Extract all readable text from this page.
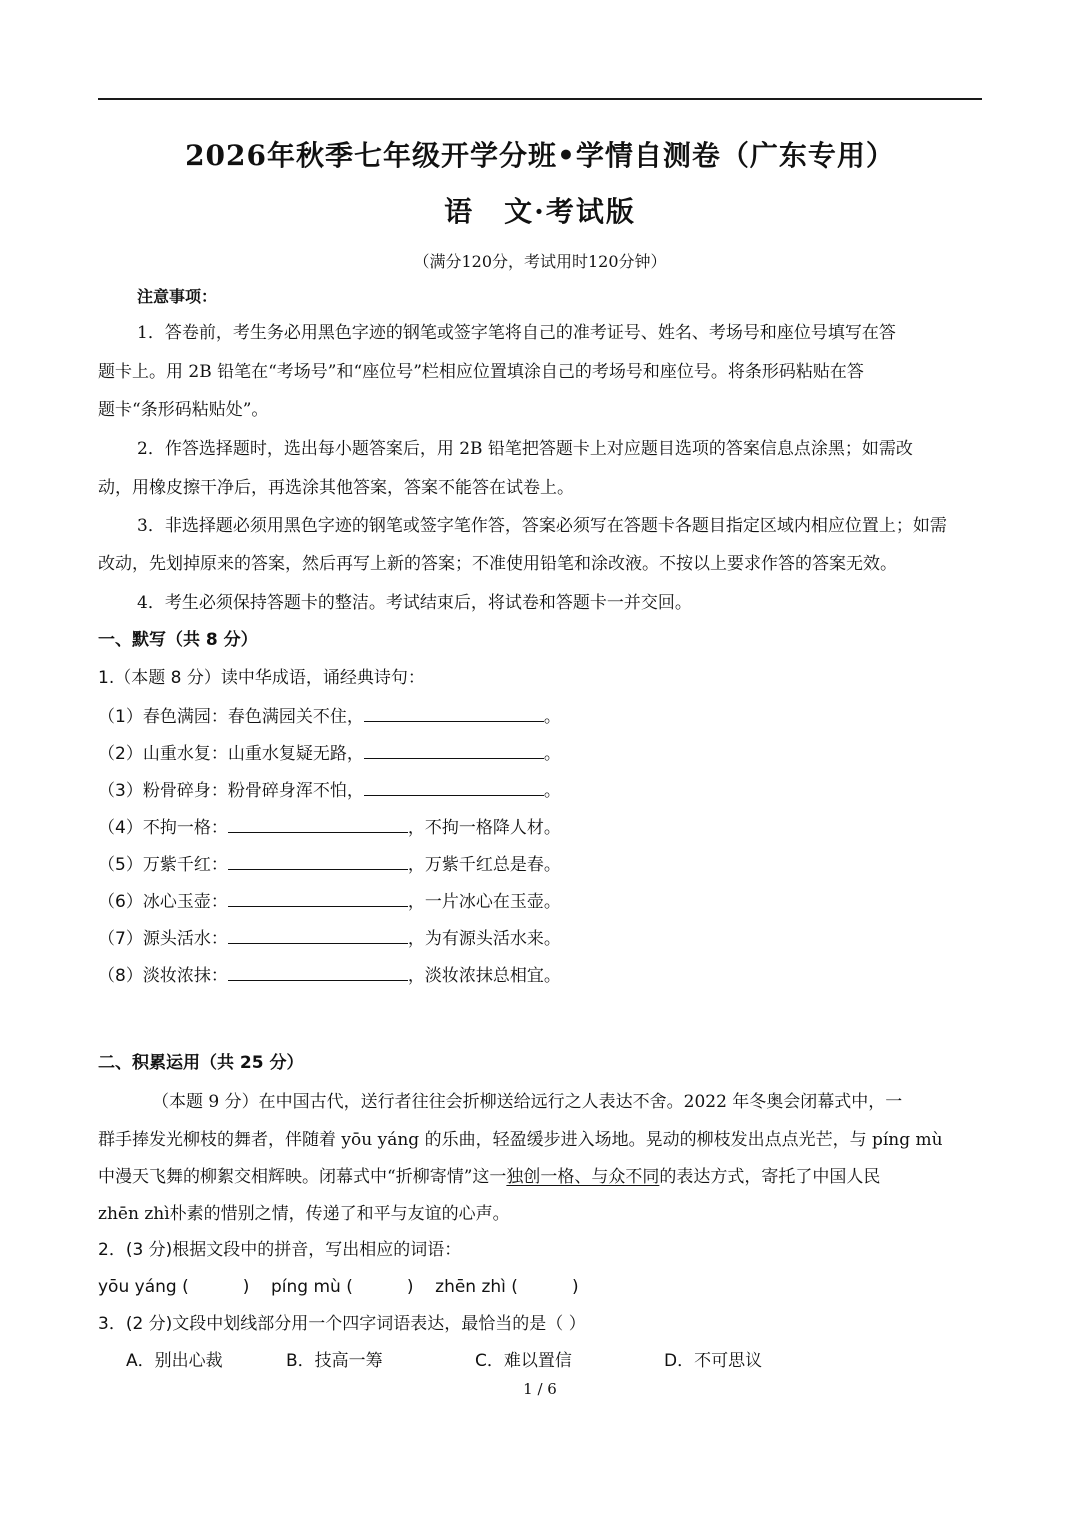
2026年秋季七年级开学分班•学情自测卷（广东专用）
语　文·考试版
（满分120分，考试用时120分钟）
注意事项：
1．答卷前，考生务必用黑色字迹的钢笔或签字笔将自己的准考证号、姓名、考场号和座位号填写在答
题卡上。用 2B 铅笔在“考场号”和“座位号”栏相应位置填涂自己的考场号和座位号。将条形码粘贴在答
题卡“条形码粘贴处”。
2．作答选择题时，选出每小题答案后，用 2B 铅笔把答题卡上对应题目选项的答案信息点涂黑；如需改
动，用橡皮擦干净后，再选涂其他答案，答案不能答在试卷上。
3．非选择题必须用黑色字迹的钢笔或签字笔作答，答案必须写在答题卡各题目指定区域内相应位置上；如需
改动，先划掉原来的答案，然后再写上新的答案；不准使用铅笔和涂改液。不按以上要求作答的答案无效。
4．考生必须保持答题卡的整洁。考试结束后，将试卷和答题卡一并交回。
一、默写（共 8 分）
1.（本题 8 分）读中华成语，诵经典诗句：
（1）春色满园：春色满园关不住，	。
（2）山重水复：山重水复疑无路，	。
（3）粉骨碎身：粉骨碎身浑不怕，	。
（4）不拘一格：	，不拘一格降人材。
（5）万紫千红：	，万紫千红总是春。
（6）冰心玉壶：	，一片冰心在玉壶。
（7）源头活水：	，为有源头活水来。
（8）淡妆浓抹：	，淡妆浓抹总相宜。
二、积累运用（共 25 分）
（本题 9 分）在中国古代，送行者往往会折柳送给远行之人表达不舍。2022 年冬奥会闭幕式中，一
群手捧发光柳枝的舞者，伴随着 yōu yáng 的乐曲，轻盈缓步进入场地。晃动的柳枝发出点点光芒，与 píng mù
中漫天飞舞的柳絮交相辉映。闭幕式中“折柳寄情”这一独创一格、与众不同的表达方式，寄托了中国人民
zhēn zhì朴素的惜别之情，传递了和平与友谊的心声。
2．(3 分)根据文段中的拼音，写出相应的词语：
yōu yáng (          )    píng mù (          )    zhēn zhì (          )
3．(2 分)文段中划线部分用一个四字词语表达，最恰当的是（ ）
A．别出心裁	B．技高一筹	C．难以置信	D．不可思议
1 / 6
